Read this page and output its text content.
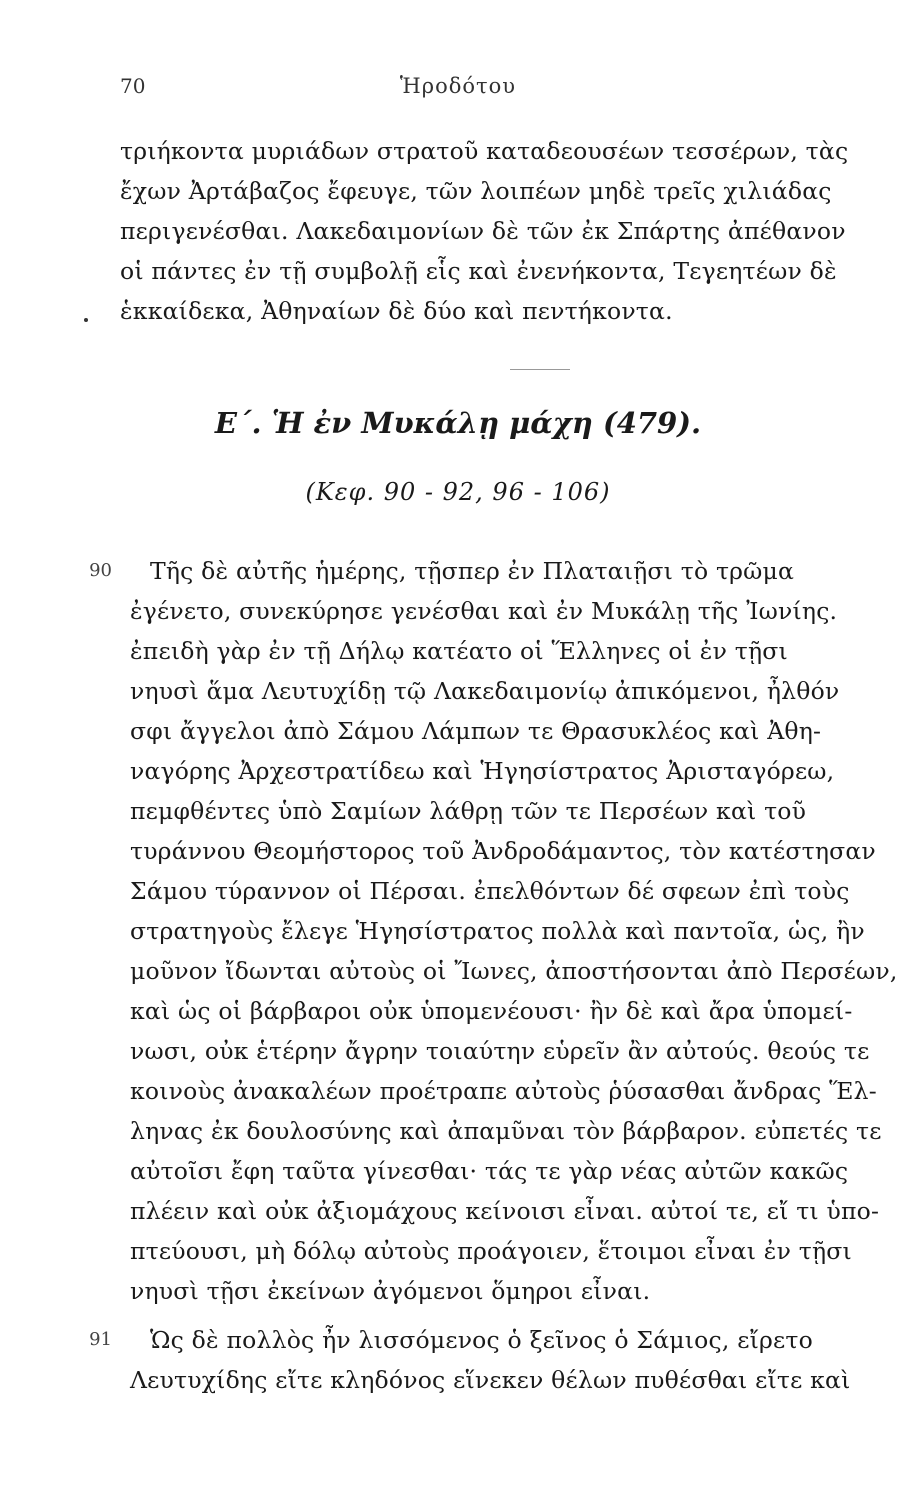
70	Ἡροδότου
τριήκοντα μυριάδων στρατοῦ καταδεουσέων τεσσέρων, τὰς
ἔχων Ἀρτάβαζος ἔφευγε, τῶν λοιπέων μηδὲ τρεῖς χιλιάδας
περιγενέσθαι. Λακεδαιμονίων δὲ τῶν ἐκ Σπάρτης ἀπέθανον
οἱ πάντες ἐν τῇ συμβολῇ εἷς καὶ ἐνενήκοντα, Τεγεητέων δὲ
ἑκκαίδεκα, Ἀθηναίων δὲ δύο καὶ πεντήκοντα.
Ε΄. Ἡ ἐν Μυκάλῃ μάχη (479).
(Κεφ. 90 - 92, 96 - 106)
90	Τῆς δὲ αὐτῆς ἡμέρης, τῇσπερ ἐν Πλαταιῇσι τὸ τρῶμα
ἐγένετο, συνεκύρησε γενέσθαι καὶ ἐν Μυκάλῃ τῆς Ἰωνίης.
ἐπειδὴ γὰρ ἐν τῇ Δήλῳ κατέατο οἱ Ἕλληνες οἱ ἐν τῇσι
νηυσὶ ἅμα Λευτυχίδῃ τῷ Λακεδαιμονίῳ ἀπικόμενοι, ἦλθόν
σφι ἄγγελοι ἀπὸ Σάμου Λάμπων τε Θρασυκλέος καὶ Ἀθη-
ναγόρης Ἀρχεστρατίδεω καὶ Ἡγησίστρατος Ἀρισταγόρεω,
πεμφθέντες ὑπὸ Σαμίων λάθρῃ τῶν τε Περσέων καὶ τοῦ
τυράννου Θεομήστορος τοῦ Ἀνδροδάμαντος, τὸν κατέστησαν
Σάμου τύραννον οἱ Πέρσαι. ἐπελθόντων δέ σφεων ἐπὶ τοὺς
στρατηγοὺς ἔλεγε Ἡγησίστρατος πολλὰ καὶ παντοῖα, ὡς, ἢν
μοῦνον ἴδωνται αὐτοὺς οἱ Ἴωνες, ἀποστήσονται ἀπὸ Περσέων,
καὶ ὡς οἱ βάρβαροι οὐκ ὑπομενέουσι· ἢν δὲ καὶ ἄρα ὑπομεί-
νωσι, οὐκ ἑτέρην ἄγρην τοιαύτην εὑρεῖν ἂν αὐτούς. θεούς τε
κοινοὺς ἀνακαλέων προέτραπε αὐτοὺς ῥύσασθαι ἄνδρας Ἕλ-
ληνας ἐκ δουλοσύνης καὶ ἀπαμῦναι τὸν βάρβαρον. εὐπετές τε
αὐτοῖσι ἔφη ταῦτα γίνεσθαι· τάς τε γὰρ νέας αὐτῶν κακῶς
πλέειν καὶ οὐκ ἀξιομάχους κείνοισι εἶναι. αὐτοί τε, εἴ τι ὑπο-
πτεύουσι, μὴ δόλῳ αὐτοὺς προάγοιεν, ἕτοιμοι εἶναι ἐν τῇσι
νηυσὶ τῇσι ἐκείνων ἀγόμενοι ὅμηροι εἶναι.
91	Ὡς δὲ πολλὸς ἦν λισσόμενος ὁ ξεῖνος ὁ Σάμιος, εἴρετο
Λευτυχίδης εἴτε κληδόνος εἵνεκεν θέλων πυθέσθαι εἴτε καὶ
